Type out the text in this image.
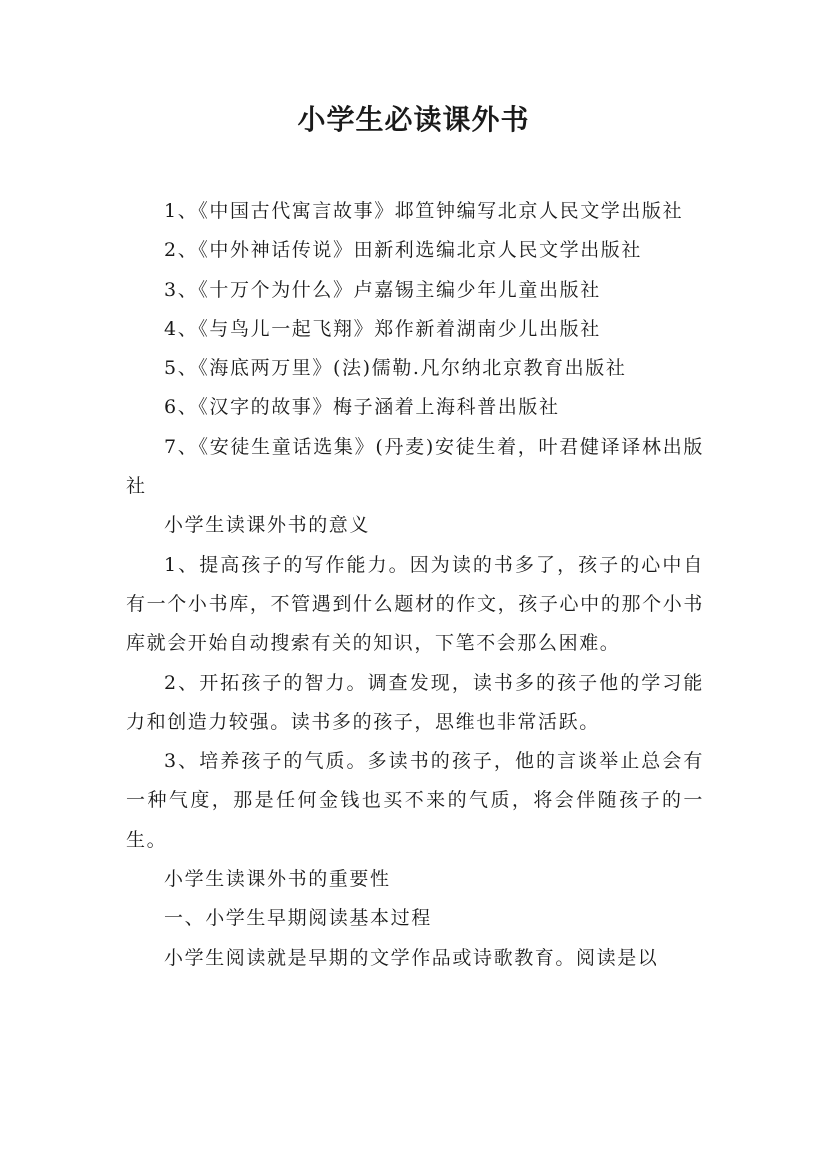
小学生必读课外书

1、《中国古代寓言故事》邶笪钟编写北京人民文学出版社

2、《中外神话传说》田新利选编北京人民文学出版社

3、《十万个为什么》卢嘉锡主编少年儿童出版社

4、《与鸟儿一起飞翔》郑作新着湖南少儿出版社

5、《海底两万里》(法)儒勒.凡尔纳北京教育出版社

6、《汉字的故事》梅子涵着上海科普出版社

7、《安徒生童话选集》(丹麦)安徒生着，叶君健译译林出版社

小学生读课外书的意义

1、提高孩子的写作能力。因为读的书多了，孩子的心中自有一个小书库，不管遇到什么题材的作文，孩子心中的那个小书库就会开始自动搜索有关的知识，下笔不会那么困难。

2、开拓孩子的智力。调查发现，读书多的孩子他的学习能力和创造力较强。读书多的孩子，思维也非常活跃。

3、培养孩子的气质。多读书的孩子，他的言谈举止总会有一种气度，那是任何金钱也买不来的气质，将会伴随孩子的一生。

小学生读课外书的重要性

一、小学生早期阅读基本过程

小学生阅读就是早期的文学作品或诗歌教育。阅读是以
